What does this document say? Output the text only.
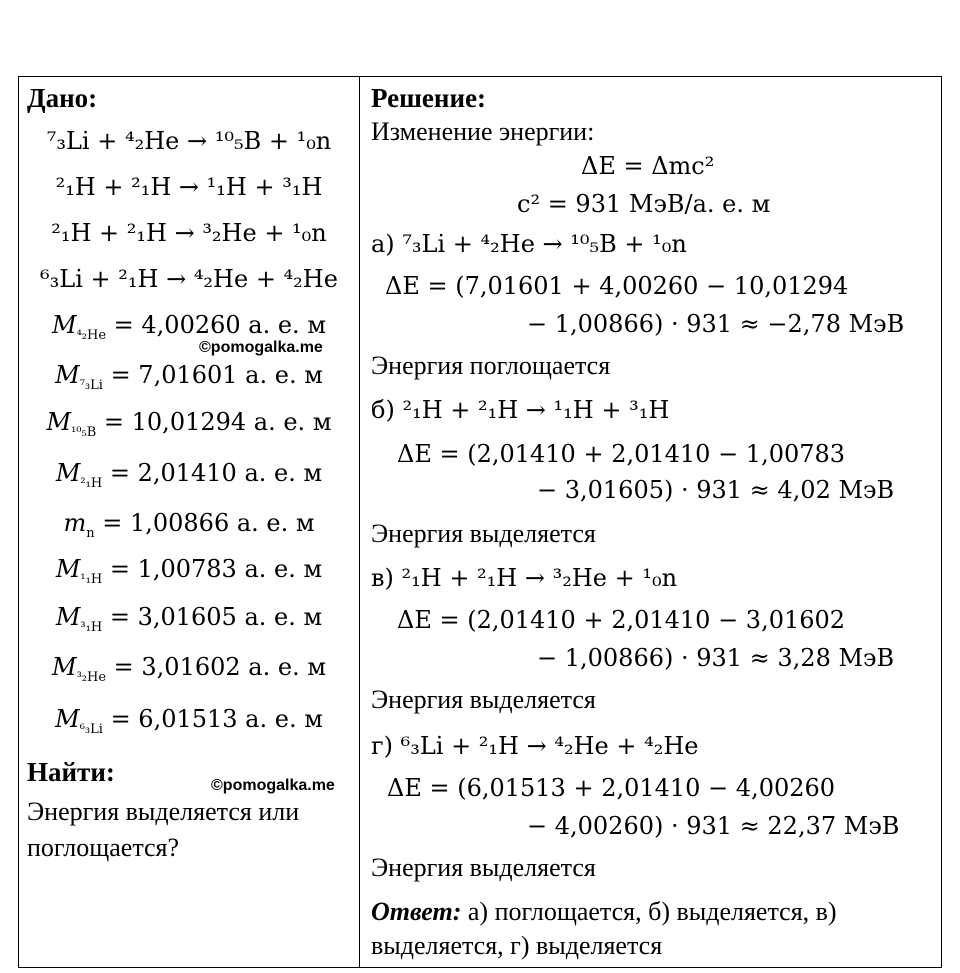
Дано:
⁷₃Li + ⁴₂He → ¹⁰₅B + ¹₀n
²₁H + ²₁H → ¹₁H + ³₁H
²₁H + ²₁H → ³₂He + ¹₀n
⁶₃Li + ²₁H → ⁴₂He + ⁴₂He
$M_{^4_2He} = 4,00260$ а. е. м
$M_{^7_3Li} = 7,01601$ а. е. м
$M_{^{10}_5B} = 10,01294$ а. е. м
$M_{^2_1H} = 2,01410$ а. е. м
$m_n = 1,00866$ а. е. м
$M_{^1_1H} = 1,00783$ а. е. м
$M_{^3_1H} = 3,01605$ а. е. м
$M_{^3_2He} = 3,01602$ а. е. м
$M_{^6_3Li} = 6,01513$ а. е. м
Найти:
Энергия выделяется или
поглощается?
©pomogalka.me
©pomogalka.me
Решение:
Изменение энергии:
ΔE = Δmc²
c² = 931 МэВ/а. е. м
а) ⁷₃Li + ⁴₂He → ¹⁰₅B + ¹₀n
ΔE = (7,01601 + 4,00260 − 10,01294
− 1,00866) · 931 ≈ −2,78 МэВ
Энергия поглощается
б) ²₁H + ²₁H → ¹₁H + ³₁H
ΔE = (2,01410 + 2,01410 − 1,00783
− 3,01605) · 931 ≈ 4,02 МэВ
Энергия выделяется
в) ²₁H + ²₁H → ³₂He + ¹₀n
ΔE = (2,01410 + 2,01410 − 3,01602
− 1,00866) · 931 ≈ 3,28 МэВ
Энергия выделяется
г) ⁶₃Li + ²₁H → ⁴₂He + ⁴₂He
ΔE = (6,01513 + 2,01410 − 4,00260
− 4,00260) · 931 ≈ 22,37 МэВ
Энергия выделяется
Ответ: а) поглощается, б) выделяется, в)
выделяется, г) выделяется
